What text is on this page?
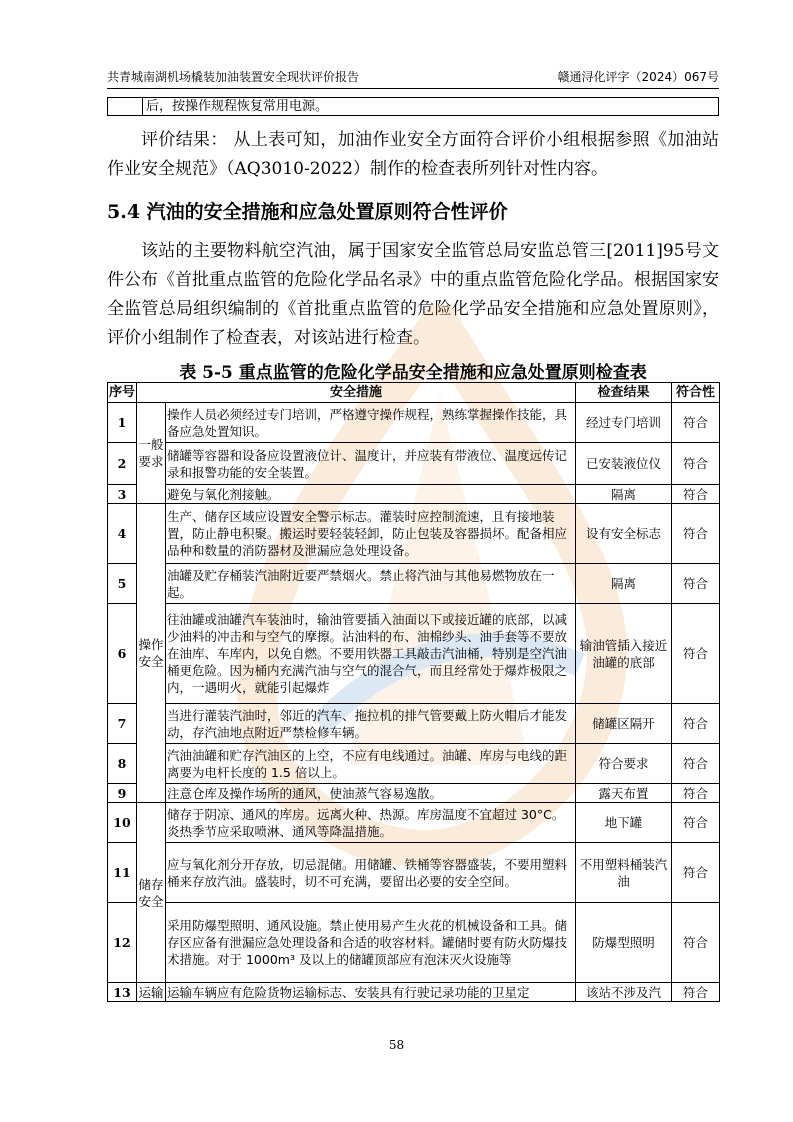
共青城南湖机场橇装加油装置安全现状评价报告	赣通浔化评字（2024）067号
后，按操作规程恢复常用电源。
评价结果： 从上表可知，加油作业安全方面符合评价小组根据参照《加油站作业安全规范》（AQ3010-2022）制作的检查表所列针对性内容。
5.4 汽油的安全措施和应急处置原则符合性评价
该站的主要物料航空汽油，属于国家安全监管总局安监总管三[2011]95号文件公布《首批重点监管的危险化学品名录》中的重点监管危险化学品。根据国家安全监管总局组织编制的《首批重点监管的危险化学品安全措施和应急处置原则》，评价小组制作了检查表，对该站进行检查。
表 5-5 重点监管的危险化学品安全措施和应急处置原则检查表
序号	安全措施		检查结果	符合性
1	一般要求	操作人员必须经过专门培训，严格遵守操作规程，熟练掌握操作技能，具备应急处置知识。	经过专门培训	符合
2		储罐等容器和设备应设置液位计、温度计，并应装有带液位、温度远传记录和报警功能的安全装置。	已安装液位仪	符合
3		避免与氧化剂接触。	隔离	符合
4	操作安全	生产、储存区域应设置安全警示标志。灌装时应控制流速，且有接地装置，防止静电积聚。搬运时要轻装轻卸，防止包装及容器损坏。配备相应品种和数量的消防器材及泄漏应急处理设备。	设有安全标志	符合
5		油罐及贮存桶装汽油附近要严禁烟火。禁止将汽油与其他易燃物放在一起。	隔离	符合
6		往油罐或油罐汽车装油时，输油管要插入油面以下或接近罐的底部，以减少油料的冲击和与空气的摩擦。沾油料的布、油棉纱头、油手套等不要放在油库、车库内，以免自燃。不要用铁器工具敲击汽油桶，特别是空汽油桶更危险。因为桶内充满汽油与空气的混合气，而且经常处于爆炸极限之内，一遇明火，就能引起爆炸	输油管插入接近油罐的底部	符合
7		当进行灌装汽油时，邻近的汽车、拖拉机的排气管要戴上防火帽后才能发动，存汽油地点附近严禁检修车辆。	储罐区隔开	符合
8		汽油油罐和贮存汽油区的上空，不应有电线通过。油罐、库房与电线的距离要为电杆长度的 1.5 倍以上。	符合要求	符合
9		注意仓库及操作场所的通风，使油蒸气容易逸散。	露天布置	符合
10	储存安全	储存于阴凉、通风的库房。远离火种、热源。库房温度不宜超过 30°C。炎热季节应采取喷淋、通风等降温措施。	地下罐	符合
11		应与氧化剂分开存放，切忌混储。用储罐、铁桶等容器盛装，不要用塑料桶来存放汽油。盛装时，切不可充满，要留出必要的安全空间。	不用塑料桶装汽油	符合
12		采用防爆型照明、通风设施。禁止使用易产生火花的机械设备和工具。储存区应备有泄漏应急处理设备和合适的收容材料。罐储时要有防火防爆技术措施。对于 1000m³ 及以上的储罐顶部应有泡沫灭火设施等	防爆型照明	符合
13	运输	运输车辆应有危险货物运输标志、安装具有行驶记录功能的卫星定	该站不涉及汽	符合
58
